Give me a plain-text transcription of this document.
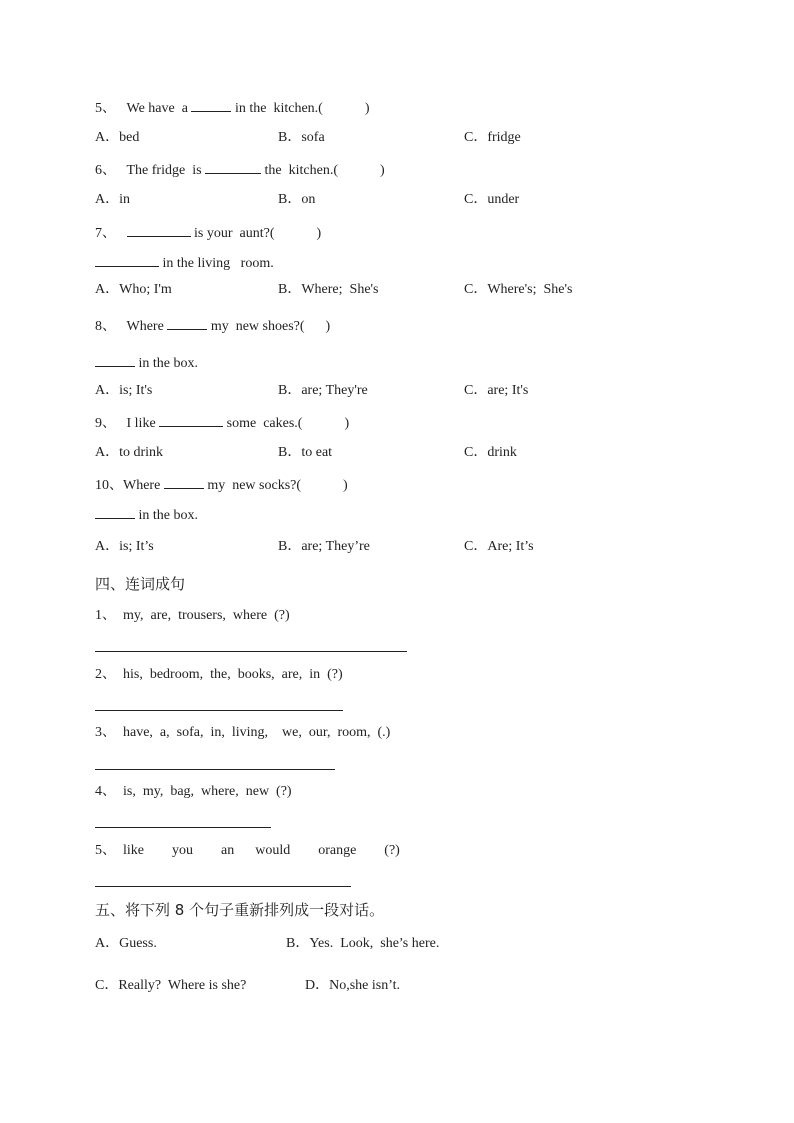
5、 We have  a	in the  kitchen.(            )
A．bed	B．sofa	C．fridge
6、 The fridge  is	the  kitchen.(            )
A．in	B．on	C．under
7、	is your  aunt?(            )
in the living   room.
A．Who; I'm	B．Where;  She's	C．Where's;  She's
8、 Where	my  new shoes?(      )
in the box.
A．is; It's	B．are; They're	C．are; It's
9、 I like	some  cakes.(            )
A．to drink	B．to eat	C．drink
10、Where	my  new socks?(            )
in the box.
A．is; It’s	B．are; They’re	C．Are; It’s
四、连词成句
1、  my,  are,  trousers,  where  (?)
2、  his,  bedroom,  the,  books,  are,  in  (?)
3、  have,  a,  sofa,  in,  living,    we,  our,  room,  (.)
4、  is,  my,  bag,  where,  new  (?)
5、  like        you        an      would        orange        (?)
五、将下列 8 个句子重新排列成一段对话。
A．Guess.	B．Yes.  Look,  she’s here.
C．Really?  Where is she?	D．No,she isn’t.
